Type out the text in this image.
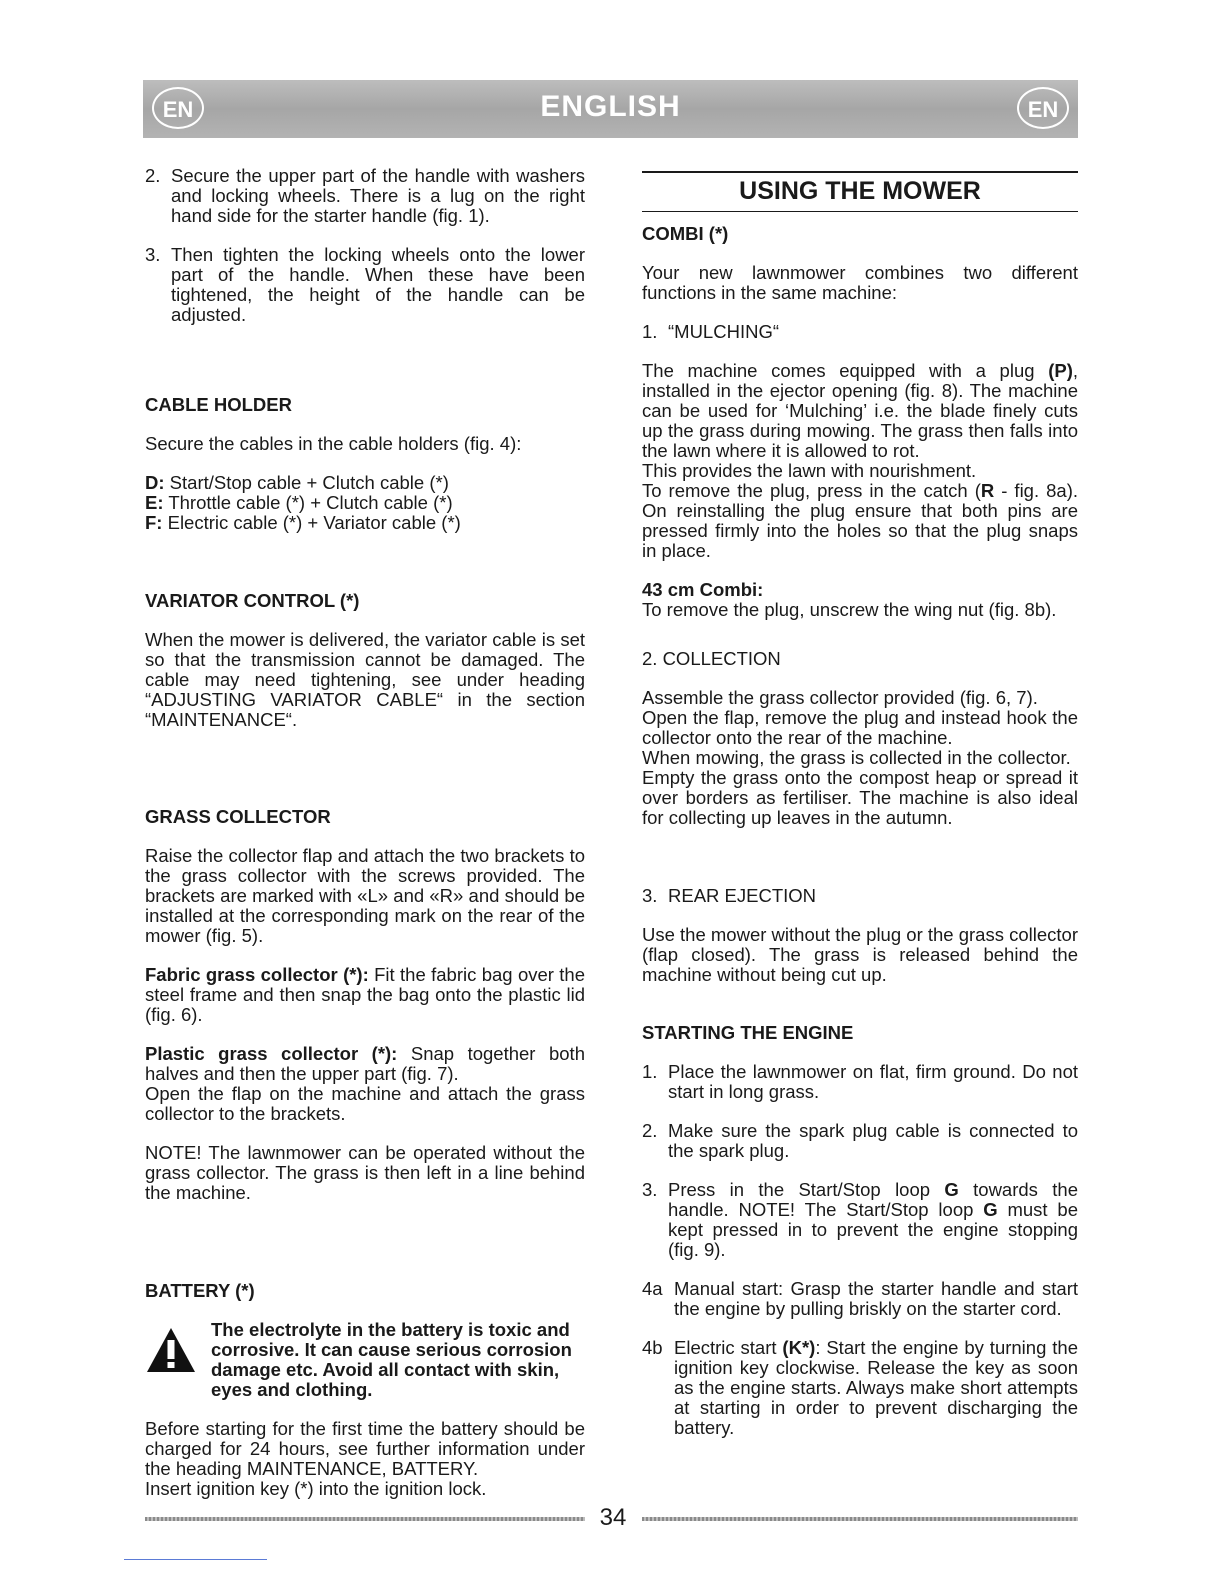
EN	ENGLISH	EN
2. Secure the upper part of the handle with washers and locking wheels. There is a lug on the right hand side for the starter handle (fig. 1).
3. Then tighten the locking wheels onto the lower part of the handle. When these have been tightened, the height of the handle can be adjusted.
CABLE HOLDER

Secure the cables in the cable holders (fig. 4):

D: Start/Stop cable + Clutch cable (*)
E: Throttle cable (*) + Clutch cable (*)
F: Electric cable (*) + Variator cable (*)
VARIATOR CONTROL (*)

When the mower is delivered, the variator cable is set so that the transmission cannot be damaged. The cable may need tightening, see under heading “ADJUSTING VARIATOR CABLE“ in the section “MAINTENANCE“.

GRASS COLLECTOR

Raise the collector flap and attach the two brackets to the grass collector with the screws provided. The brackets are marked with «L» and «R» and should be installed at the corresponding mark on the rear of the mower (fig. 5).

Fabric grass collector (*): Fit the fabric bag over the steel frame and then snap the bag onto the plastic lid (fig. 6).

Plastic grass collector (*): Snap together both halves and then the upper part (fig. 7).
Open the flap on the machine and attach the grass collector to the brackets.

NOTE! The lawnmower can be operated without the grass collector. The grass is then left in a line behind the machine.

BATTERY (*)
The electrolyte in the battery is toxic and corrosive. It can cause serious corrosion damage etc. Avoid all contact with skin, eyes and clothing.

Before starting for the first time the battery should be charged for 24 hours, see further information under the heading MAINTENANCE, BATTERY.
Insert ignition key (*) into the ignition lock.

USING THE MOWER
COMBI (*)

Your new lawnmower combines two different functions in the same machine:

1. “MULCHING“

The machine comes equipped with a plug (P), installed in the ejector opening (fig. 8). The machine can be used for ‘Mulching’ i.e. the blade finely cuts up the grass during mowing. The grass then falls into the lawn where it is allowed to rot.
This provides the lawn with nourishment.
To remove the plug, press in the catch (R - fig. 8a). On reinstalling the plug ensure that both pins are pressed firmly into the holes so that the plug snaps in place.

43 cm Combi:
To remove the plug, unscrew the wing nut (fig. 8b).

2. COLLECTION

Assemble the grass collector provided (fig. 6, 7).
Open the flap, remove the plug and instead hook the collector onto the rear of the machine.
When mowing, the grass is collected in the collector.
Empty the grass onto the compost heap or spread it over borders as fertiliser. The machine is also ideal for collecting up leaves in the autumn.

3. REAR EJECTION

Use the mower without the plug or the grass collector (flap closed). The grass is released behind the machine without being cut up.

STARTING THE ENGINE
1. Place the lawnmower on flat, firm ground. Do not start in long grass.
2. Make sure the spark plug cable is connected to the spark plug.
3. Press in the Start/Stop loop G towards the handle. NOTE! The Start/Stop loop G must be kept pressed in to prevent the engine stopping (fig. 9).
4a Manual start: Grasp the starter handle and start the engine by pulling briskly on the starter cord.
4b Electric start (K*): Start the engine by turning the ignition key clockwise. Release the key as soon as the engine starts. Always make short attempts at starting in order to prevent discharging the battery.
34
